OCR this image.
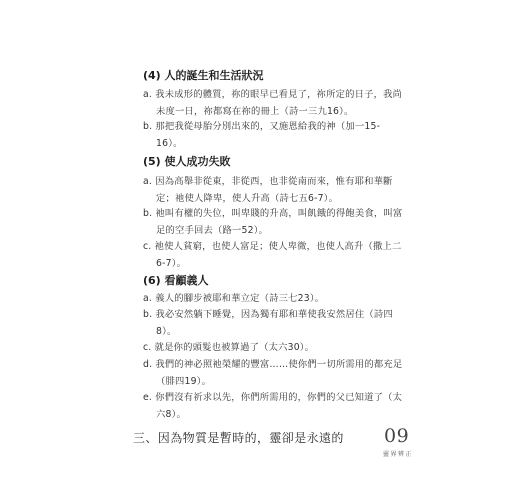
(4) 人的誕生和生活狀況
a. 我未成形的體質，祢的眼早已看見了，祢所定的日子，我尚未度一日，祢都寫在祢的冊上（詩一三九16）。
b. 那把我從母胎分別出來的，又施恩給我的神（加一15-16）。
(5) 使人成功失敗
a. 因為高舉非從東，非從西，也非從南而來，惟有耶和華斷定；祂使人降卑，使人升高（詩七五6-7）。
b. 祂叫有權的失位，叫卑賤的升高，叫飢餓的得飽美食，叫富足的空手回去（路一52）。
c. 祂使人貧窮，也使人富足；使人卑微，也使人高升（撒上二6-7）。
(6) 看顧義人
a. 義人的腳步被耶和華立定（詩三七23）。
b. 我必安然躺下睡覺，因為獨有耶和華使我安然居住（詩四8）。
c. 就是你的頭髮也被算過了（太六30）。
d. 我們的神必照祂榮耀的豐富……使你們一切所需用的都充足（腓四19）。
e. 你們沒有祈求以先，你們所需用的，你們的父已知道了（太六8）。
三、因為物質是暫時的，靈卻是永遠的 09
靈界辨正
